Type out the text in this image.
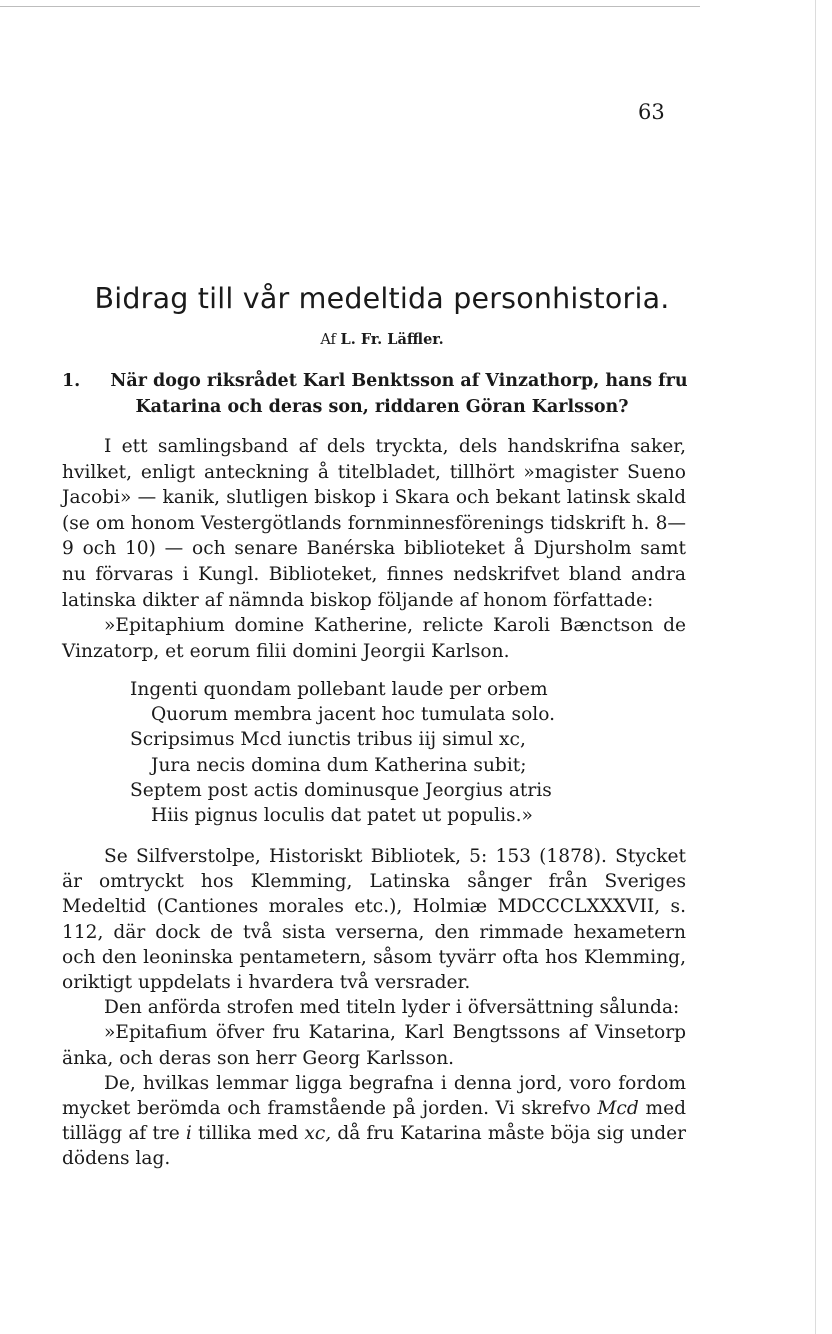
63
Bidrag till vår medeltida personhistoria.
Af L. Fr. Läffler.
1.	När dogo riksrådet Karl Benktsson af Vinzathorp, hans fru
Katarina och deras son, riddaren Göran Karlsson?

I ett samlingsband af dels tryckta, dels handskrifna saker, hvilket, enligt anteckning å titelbladet, tillhört »magister Sueno Jacobi» — kanik, slutligen biskop i Skara och bekant latinsk skald (se om honom Vestergötlands fornminnesförenings tidskrift h. 8—9 och 10) — och senare Banérska biblioteket å Djursholm samt nu förvaras i Kungl. Biblioteket, finnes nedskrifvet bland andra latinska dikter af nämnda biskop följande af honom författade:

»Epitaphium domine Katherine, relicte Karoli Bænctson de Vinzatorp, et eorum filii domini Jeorgii Karlson.

Ingenti quondam pollebant laude per orbem
Quorum membra jacent hoc tumulata solo.
Scripsimus Mcd iunctis tribus iij simul xc,
Jura necis domina dum Katherina subit;
Septem post actis dominusque Jeorgius atris
Hiis pignus loculis dat patet ut populis.»

Se Silfverstolpe, Historiskt Bibliotek, 5: 153 (1878). Stycket är omtryckt hos Klemming, Latinska sånger från Sveriges Medeltid (Cantiones morales etc.), Holmiæ MDCCCLXXXVII, s. 112, där dock de två sista verserna, den rimmade hexametern och den leoninska pentametern, såsom tyvärr ofta hos Klemming, oriktigt uppdelats i hvardera två versrader.

Den anförda strofen med titeln lyder i öfversättning sålunda:

»Epitafium öfver fru Katarina, Karl Bengtssons af Vinsetorp änka, och deras son herr Georg Karlsson.

De, hvilkas lemmar ligga begrafna i denna jord, voro fordom mycket berömda och framstående på jorden. Vi skrefvo Mcd med tillägg af tre i tillika med xc, då fru Katarina måste böja sig under dödens lag.
